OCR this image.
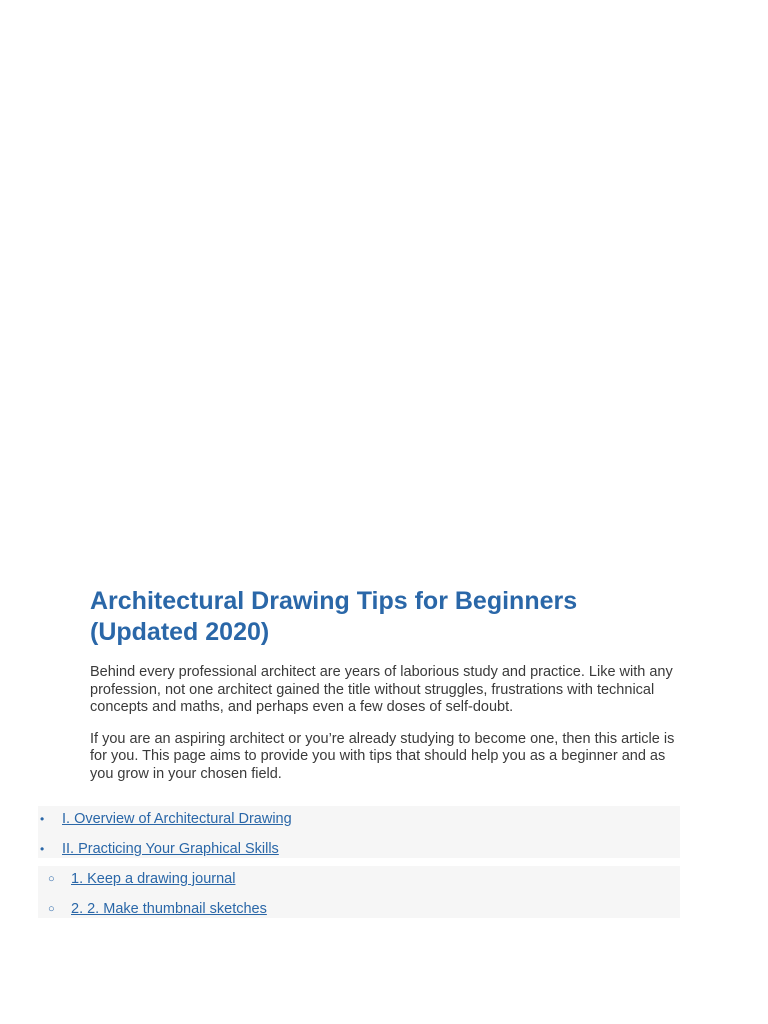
Architectural Drawing Tips for Beginners (Updated 2020)

Behind every professional architect are years of laborious study and practice. Like with any profession, not one architect gained the title without struggles, frustrations with technical concepts and maths, and perhaps even a few doses of self-doubt.

If you are an aspiring architect or you’re already studying to become one, then this article is for you. This page aims to provide you with tips that should help you as a beginner and as you grow in your chosen field.

• I. Overview of Architectural Drawing
• II. Practicing Your Graphical Skills
○ 1. Keep a drawing journal
○ 2. 2. Make thumbnail sketches
